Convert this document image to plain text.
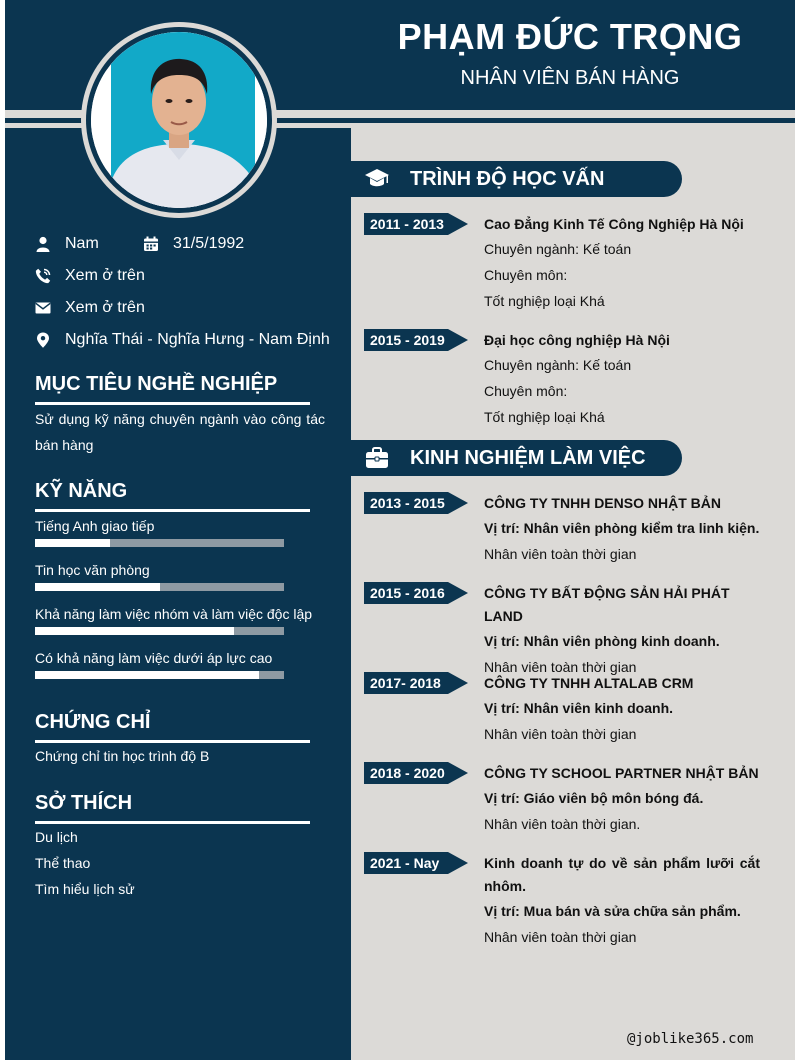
PHẠM ĐỨC TRỌNG
NHÂN VIÊN BÁN HÀNG
Nam	31/5/1992
Xem ở trên
Xem ở trên
Nghĩa Thái - Nghĩa Hưng - Nam Định
MỤC TIÊU NGHỀ NGHIỆP
Sử dụng kỹ năng chuyên ngành vào công tác bán hàng
KỸ NĂNG
Tiếng Anh giao tiếp
Tin học văn phòng
Khả năng làm việc nhóm và làm việc độc lập
Có khả năng làm việc dưới áp lực cao
CHỨNG CHỈ
Chứng chỉ tin học trình độ B
SỞ THÍCH
Du lịch
Thể thao
Tìm hiểu lịch sử
TRÌNH ĐỘ HỌC VẤN
2011 - 2013	Cao Đẳng Kinh Tế Công Nghiệp Hà Nội
Chuyên ngành: Kế toán
Chuyên môn:
Tốt nghiệp loại Khá
2015 - 2019	Đại học công nghiệp Hà Nội
Chuyên ngành: Kế toán
Chuyên môn:
Tốt nghiệp loại Khá
KINH NGHIỆM LÀM VIỆC
2013 - 2015	CÔNG TY TNHH DENSO NHẬT BẢN
Vị trí: Nhân viên phòng kiểm tra linh kiện.
Nhân viên toàn thời gian
2015 - 2016	CÔNG TY BẤT ĐỘNG SẢN HẢI PHÁT LAND
Vị trí: Nhân viên phòng kinh doanh.
Nhân viên toàn thời gian
2017- 2018	CÔNG TY TNHH ALTALAB CRM
Vị trí: Nhân viên kinh doanh.
Nhân viên toàn thời gian
2018 - 2020	CÔNG TY SCHOOL PARTNER NHẬT BẢN
Vị trí: Giáo viên bộ môn bóng đá.
Nhân viên toàn thời gian.
2021 - Nay	Kinh doanh tự do về sản phẩm lưỡi cắt nhôm.
Vị trí: Mua bán và sửa chữa sản phẩm.
Nhân viên toàn thời gian
@joblike365.com
